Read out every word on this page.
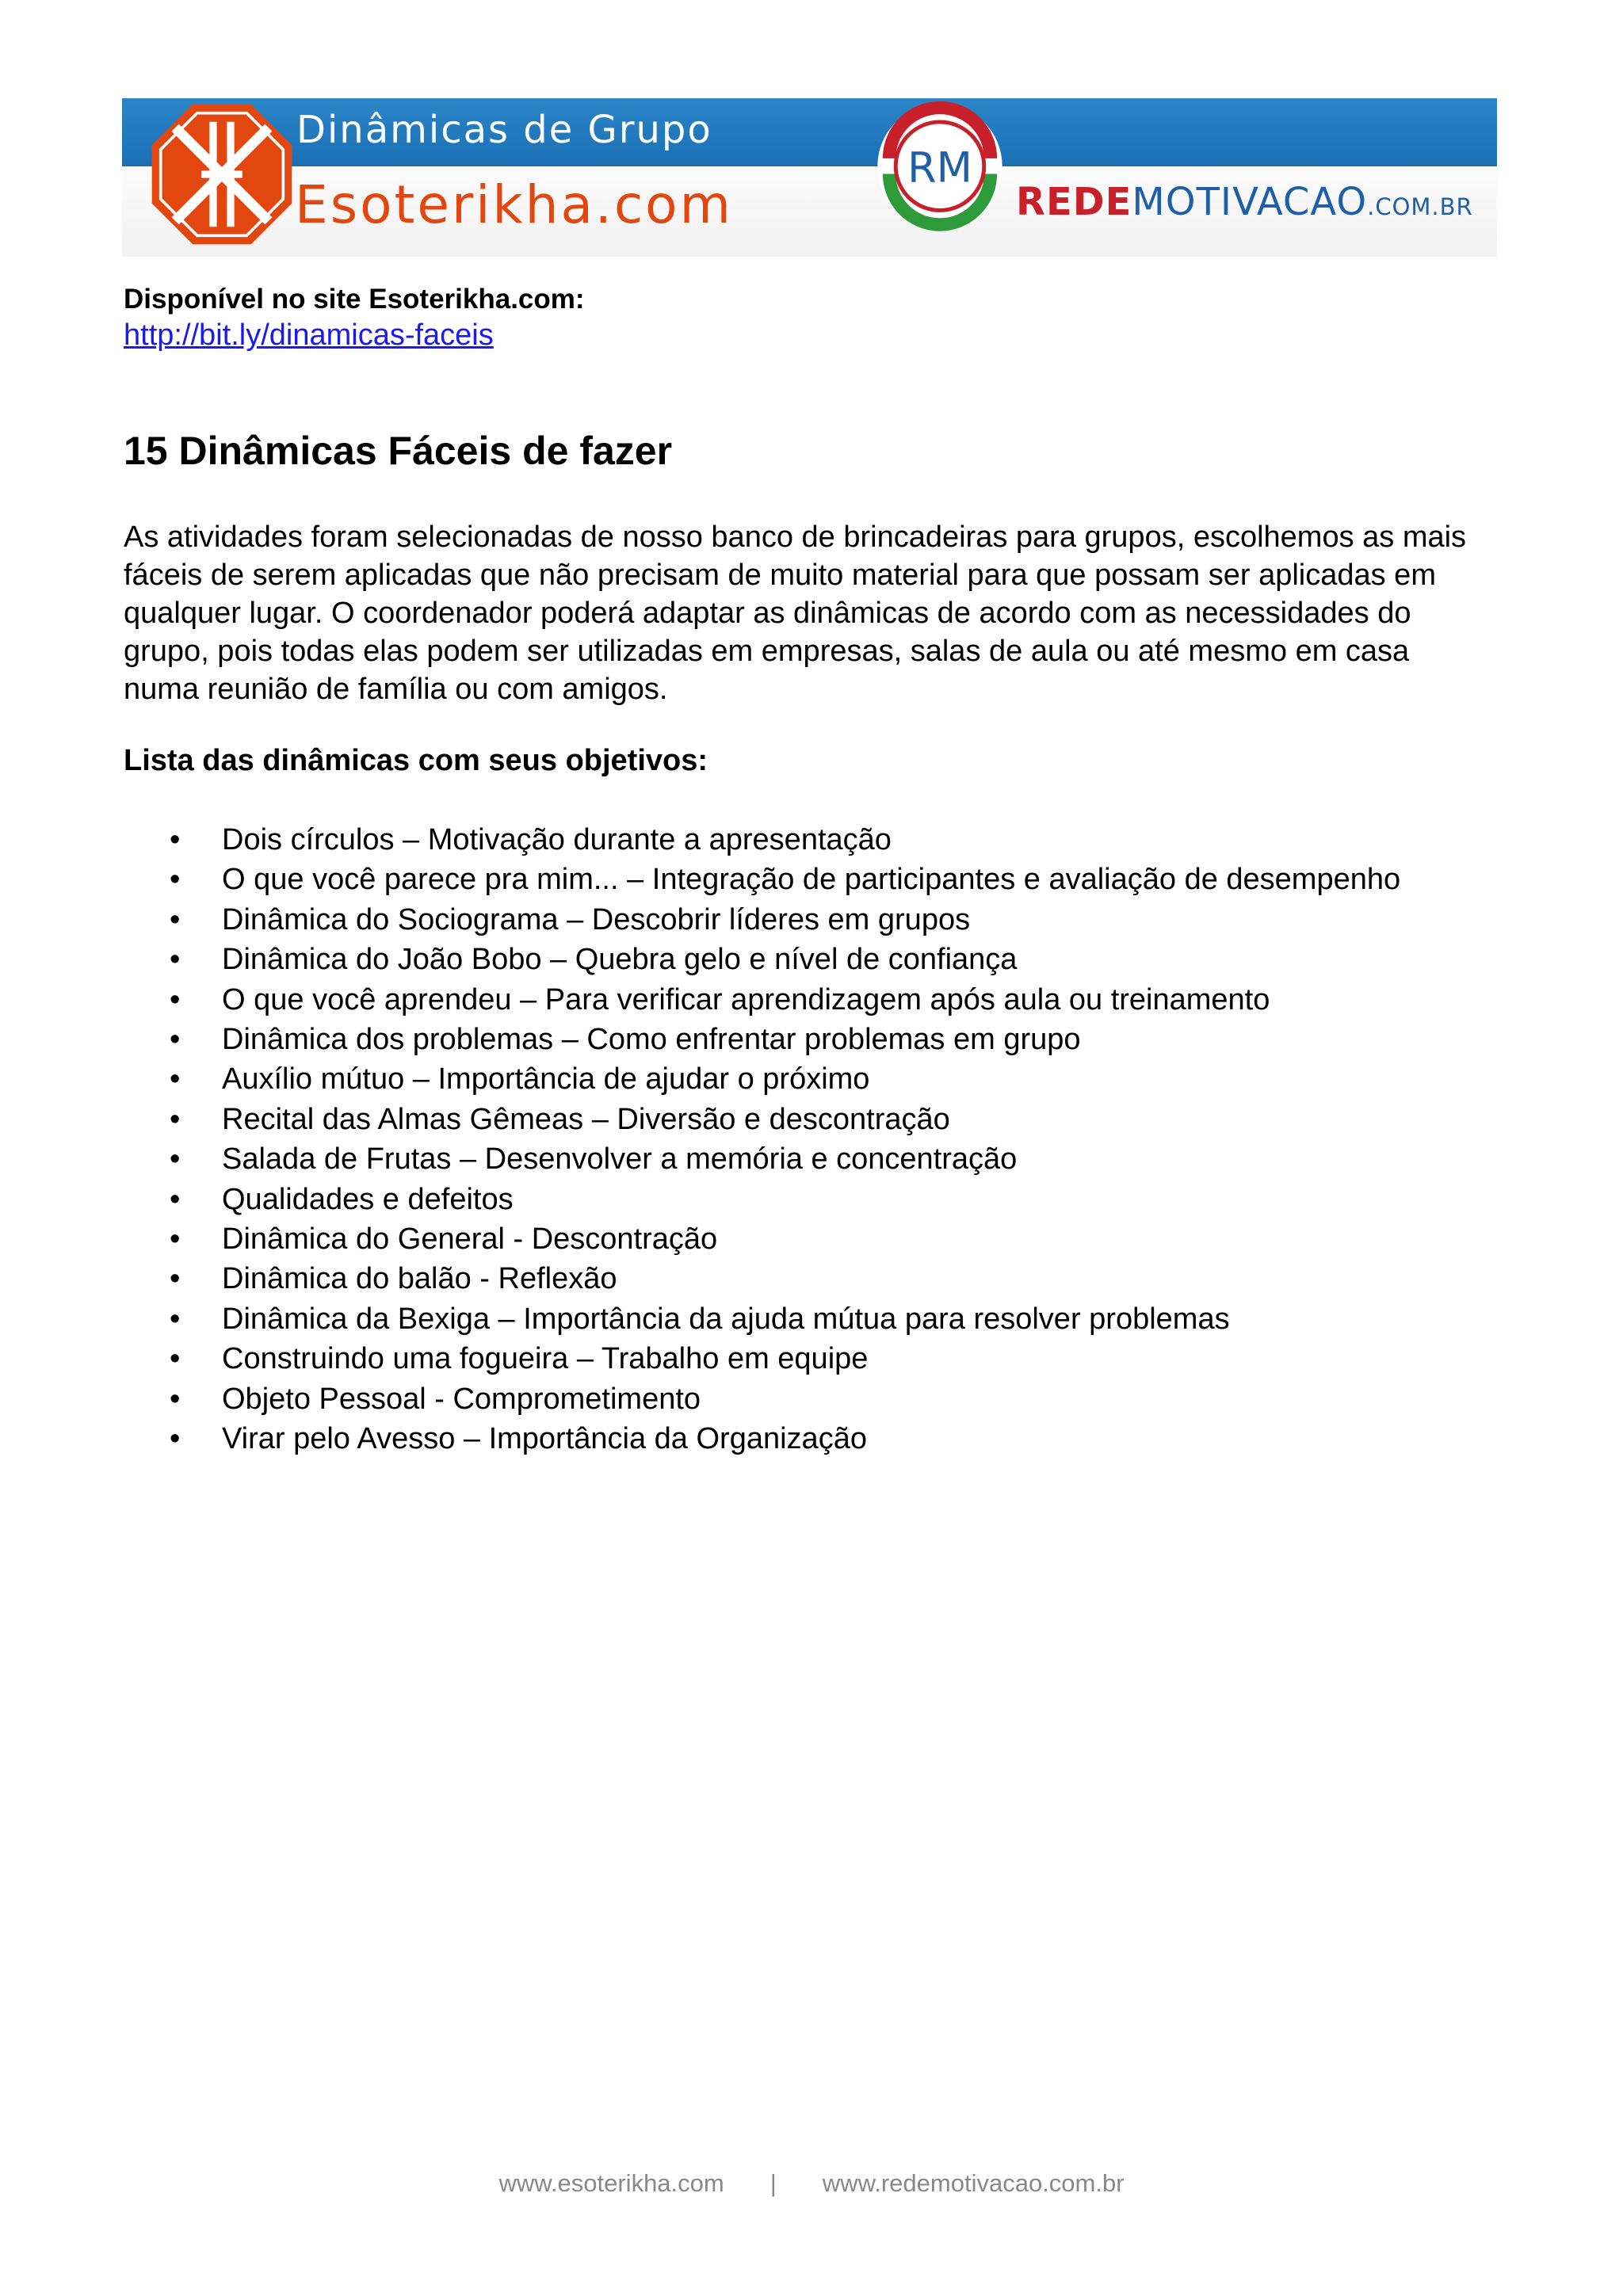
Dinâmicas de Grupo
Esoterikha.com
RM
REDEMOTIVACAO.COM.BR
Disponível no site Esoterikha.com:
http://bit.ly/dinamicas-faceis
15 Dinâmicas Fáceis de fazer

As atividades foram selecionadas de nosso banco de brincadeiras para grupos, escolhemos as mais fáceis de serem aplicadas que não precisam de muito material para que possam ser aplicadas em qualquer lugar. O coordenador poderá adaptar as dinâmicas de acordo com as necessidades do grupo, pois todas elas podem ser utilizadas em empresas, salas de aula ou até mesmo em casa numa reunião de família ou com amigos.

Lista das dinâmicas com seus objetivos:
• Dois círculos – Motivação durante a apresentação
• O que você parece pra mim... – Integração de participantes e avaliação de desempenho
• Dinâmica do Sociograma – Descobrir líderes em grupos
• Dinâmica do João Bobo – Quebra gelo e nível de confiança
• O que você aprendeu – Para verificar aprendizagem após aula ou treinamento
• Dinâmica dos problemas – Como enfrentar problemas em grupo
• Auxílio mútuo – Importância de ajudar o próximo
• Recital das Almas Gêmeas – Diversão e descontração
• Salada de Frutas – Desenvolver a memória e concentração
• Qualidades e defeitos
• Dinâmica do General - Descontração
• Dinâmica do balão - Reflexão
• Dinâmica da Bexiga – Importância da ajuda mútua para resolver problemas
• Construindo uma fogueira – Trabalho em equipe
• Objeto Pessoal - Comprometimento
• Virar pelo Avesso – Importância da Organização
www.esoterikha.com | www.redemotivacao.com.br
